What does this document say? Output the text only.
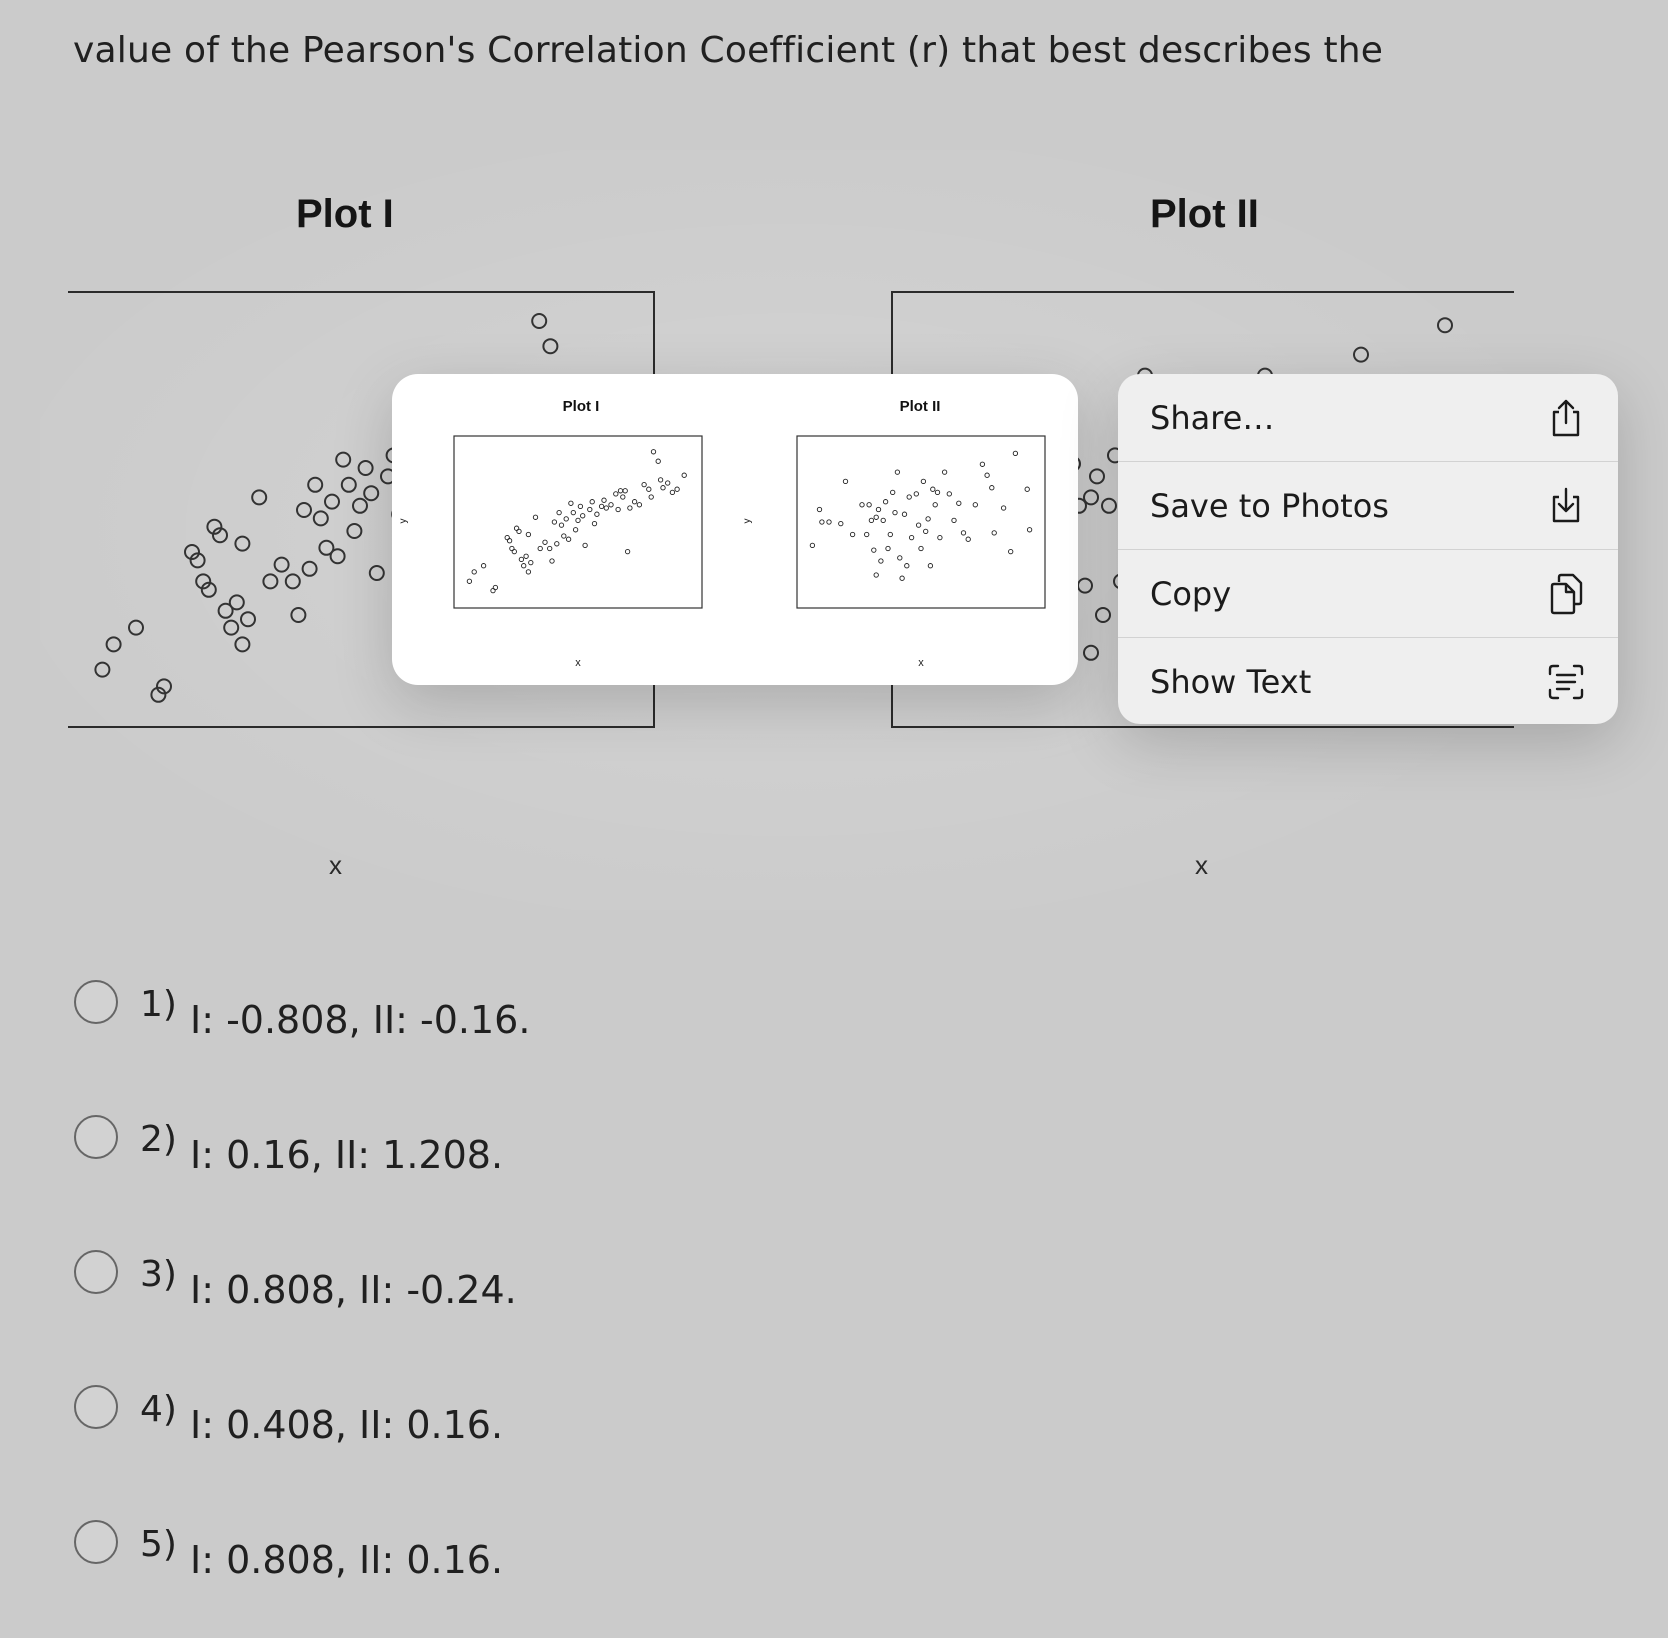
value of the Pearson's Correlation Coefficient (r) that best describes the
Plot I	Plot II
x	x
Plot I	Plot II
x	x
y	y
Share…
Save to Photos
Copy
Show Text
1) I: -0.808, II: -0.16.
2) I: 0.16, II: 1.208.
3) I: 0.808, II: -0.24.
4) I: 0.408, II: 0.16.
5) I: 0.808, II: 0.16.
